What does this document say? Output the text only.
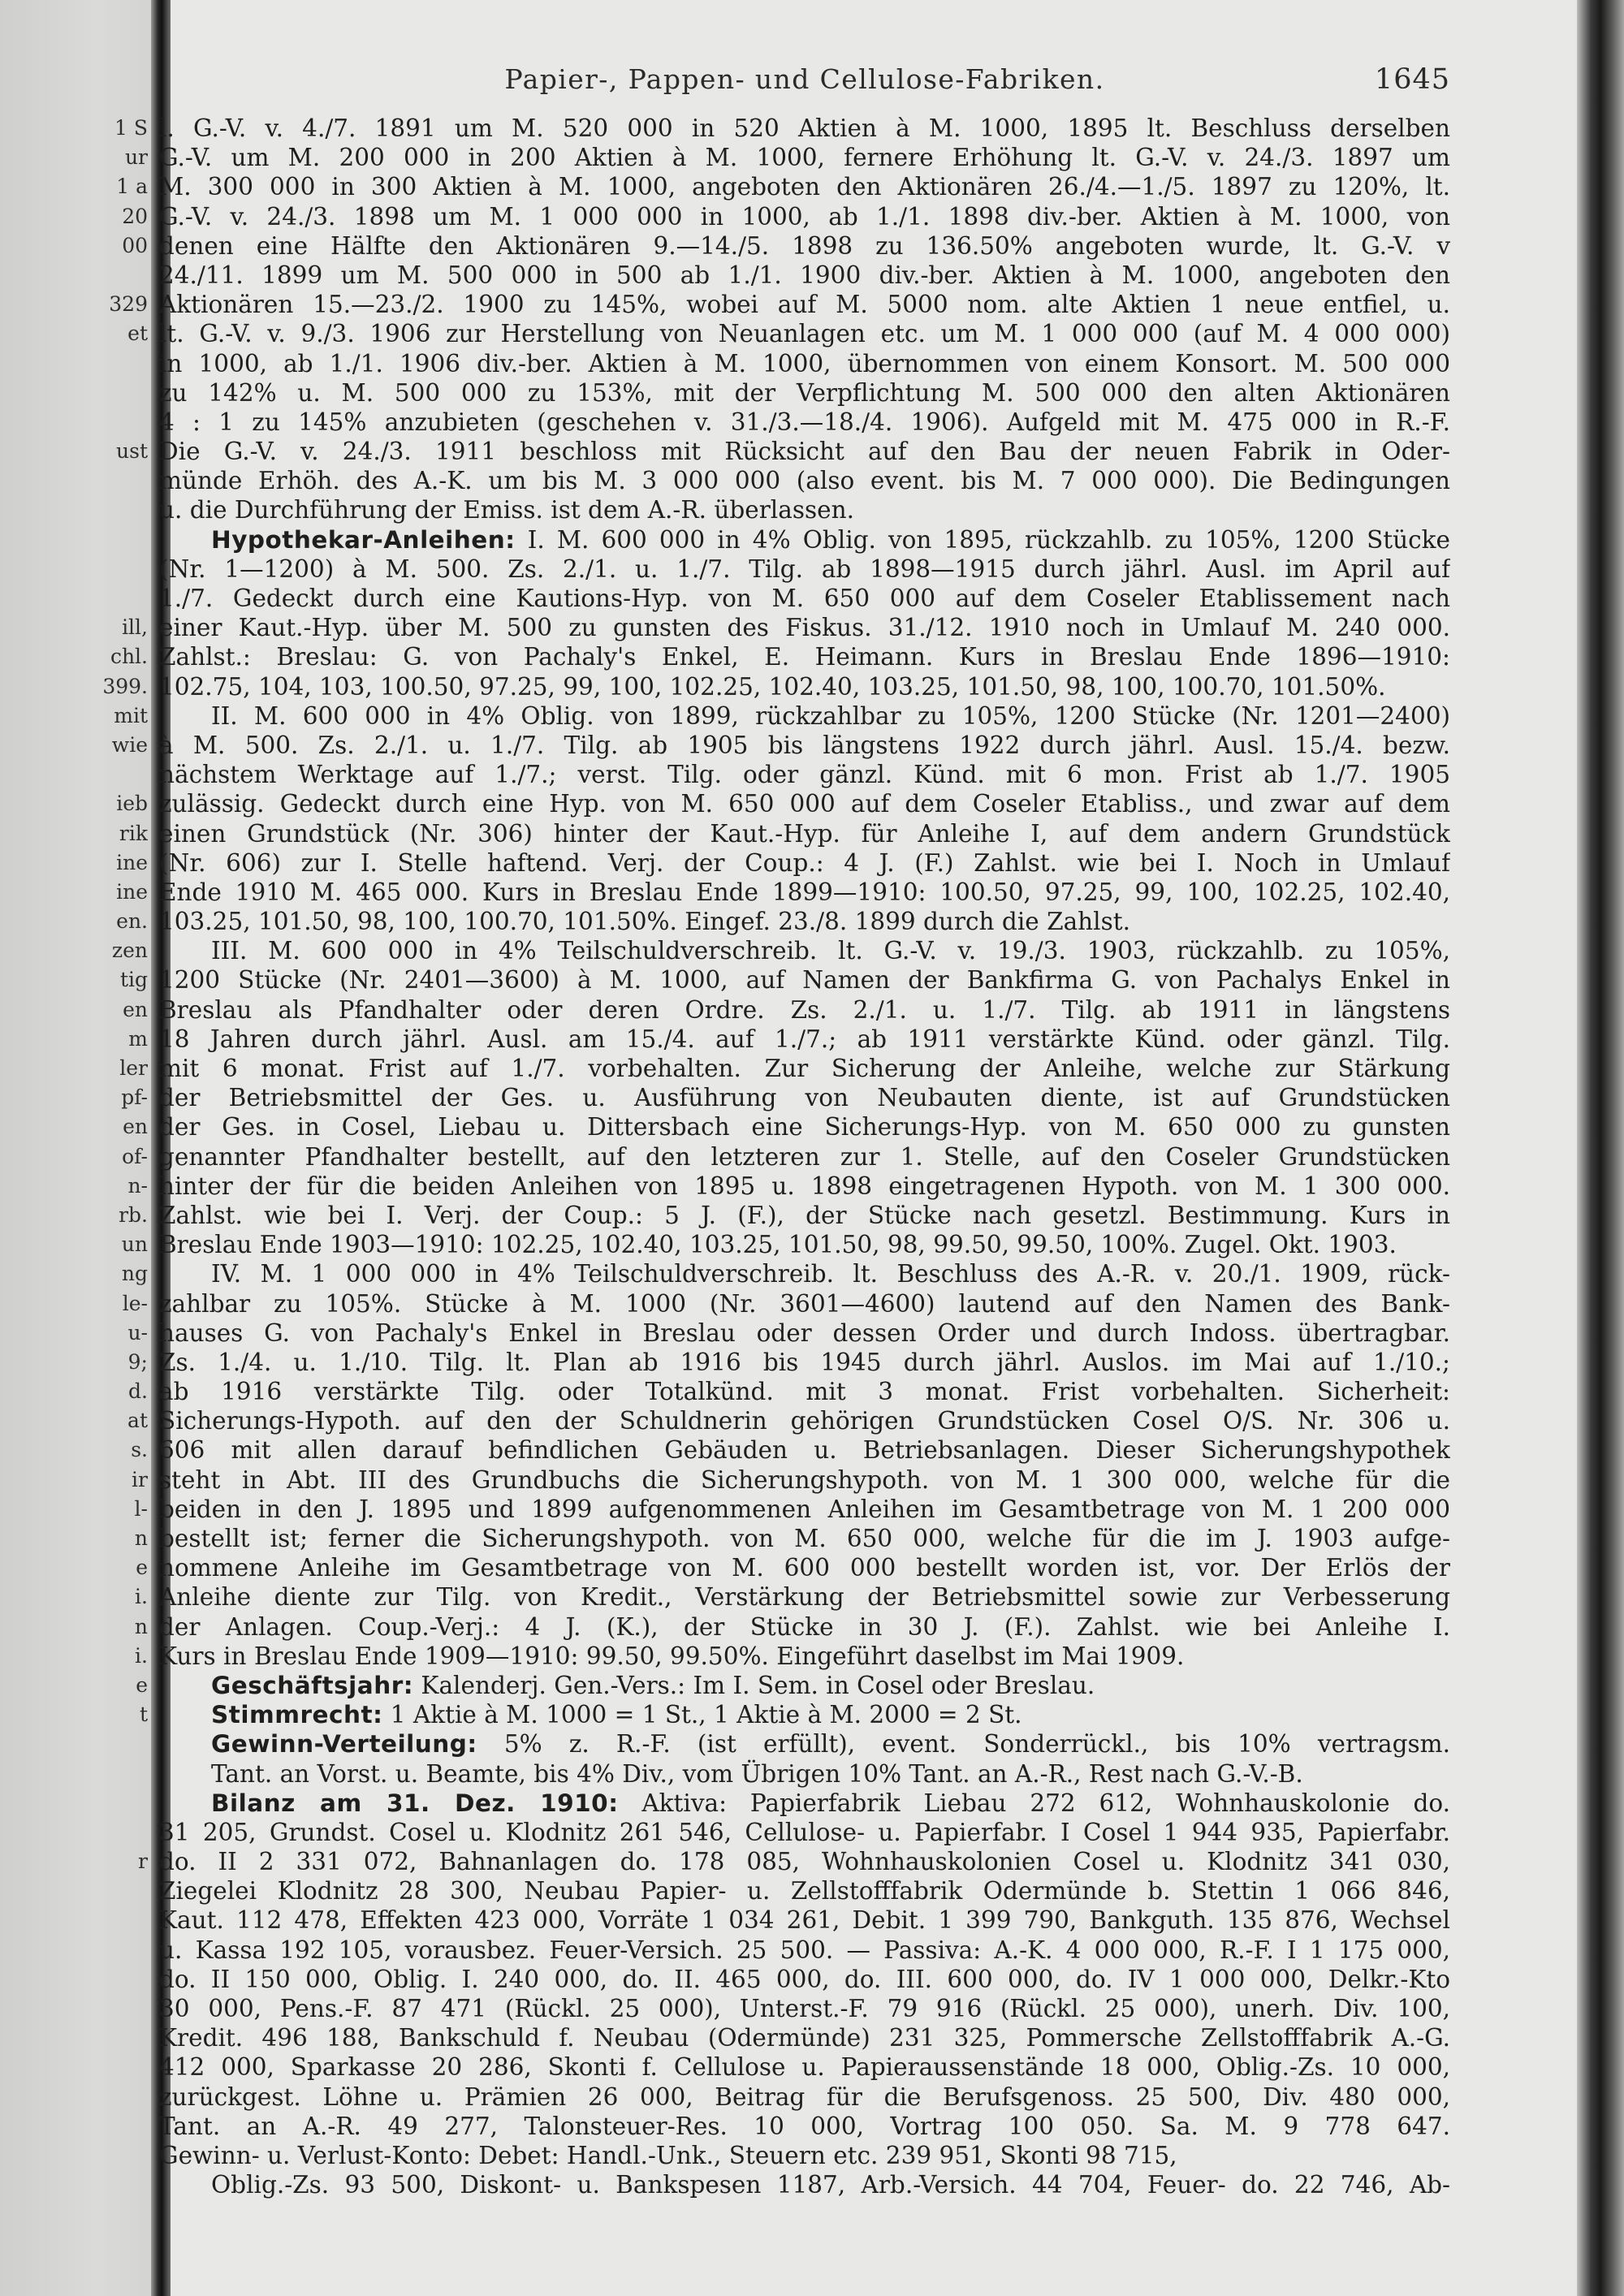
1 S
ur
1 a
20
00
329
et
ust
ill,
chl.
399.
mit
wie
ieb
rik
ine
ine
en.
zen
tig
en
m
ler
pf-
en
of-
n-
rb.
un
ng
le-
u-
9;
d.
at
s.
ir
l-
n
e
i.
n
i.
e
t
r
Papier-, Pappen- und Cellulose-Fabriken.	1645
l. G.-V. v. 4./7. 1891 um M. 520 000 in 520 Aktien à M. 1000, 1895 lt. Beschluss derselben
G.-V. um M. 200 000 in 200 Aktien à M. 1000, fernere Erhöhung lt. G.-V. v. 24./3. 1897 um
M. 300 000 in 300 Aktien à M. 1000, angeboten den Aktionären 26./4.—1./5. 1897 zu 120%, lt.
G.-V. v. 24./3. 1898 um M. 1 000 000 in 1000, ab 1./1. 1898 div.-ber. Aktien à M. 1000, von
denen eine Hälfte den Aktionären 9.—14./5. 1898 zu 136.50% angeboten wurde, lt. G.-V. v
24./11. 1899 um M. 500 000 in 500 ab 1./1. 1900 div.-ber. Aktien à M. 1000, angeboten den
Aktionären 15.—23./2. 1900 zu 145%, wobei auf M. 5000 nom. alte Aktien 1 neue entfiel, u.
lt. G.-V. v. 9./3. 1906 zur Herstellung von Neuanlagen etc. um M. 1 000 000 (auf M. 4 000 000)
in 1000, ab 1./1. 1906 div.-ber. Aktien à M. 1000, übernommen von einem Konsort. M. 500 000
zu 142% u. M. 500 000 zu 153%, mit der Verpflichtung M. 500 000 den alten Aktionären
4 : 1 zu 145% anzubieten (geschehen v. 31./3.—18./4. 1906). Aufgeld mit M. 475 000 in R.-F.
Die G.-V. v. 24./3. 1911 beschloss mit Rücksicht auf den Bau der neuen Fabrik in Oder-
münde Erhöh. des A.-K. um bis M. 3 000 000 (also event. bis M. 7 000 000). Die Bedingungen
u. die Durchführung der Emiss. ist dem A.-R. überlassen.
Hypothekar-Anleihen: I. M. 600 000 in 4% Oblig. von 1895, rückzahlb. zu 105%, 1200 Stücke
(Nr. 1—1200) à M. 500. Zs. 2./1. u. 1./7. Tilg. ab 1898—1915 durch jährl. Ausl. im April auf
1./7. Gedeckt durch eine Kautions-Hyp. von M. 650 000 auf dem Coseler Etablissement nach
einer Kaut.-Hyp. über M. 500 zu gunsten des Fiskus. 31./12. 1910 noch in Umlauf M. 240 000.
Zahlst.: Breslau: G. von Pachaly's Enkel, E. Heimann. Kurs in Breslau Ende 1896—1910:
102.75, 104, 103, 100.50, 97.25, 99, 100, 102.25, 102.40, 103.25, 101.50, 98, 100, 100.70, 101.50%.
II. M. 600 000 in 4% Oblig. von 1899, rückzahlbar zu 105%, 1200 Stücke (Nr. 1201—2400)
à M. 500. Zs. 2./1. u. 1./7. Tilg. ab 1905 bis längstens 1922 durch jährl. Ausl. 15./4. bezw.
nächstem Werktage auf 1./7.; verst. Tilg. oder gänzl. Künd. mit 6 mon. Frist ab 1./7. 1905
zulässig. Gedeckt durch eine Hyp. von M. 650 000 auf dem Coseler Etabliss., und zwar auf dem
einen Grundstück (Nr. 306) hinter der Kaut.-Hyp. für Anleihe I, auf dem andern Grundstück
(Nr. 606) zur I. Stelle haftend. Verj. der Coup.: 4 J. (F.) Zahlst. wie bei I. Noch in Umlauf
Ende 1910 M. 465 000. Kurs in Breslau Ende 1899—1910: 100.50, 97.25, 99, 100, 102.25, 102.40,
103.25, 101.50, 98, 100, 100.70, 101.50%. Eingef. 23./8. 1899 durch die Zahlst.
III. M. 600 000 in 4% Teilschuldverschreib. lt. G.-V. v. 19./3. 1903, rückzahlb. zu 105%,
1200 Stücke (Nr. 2401—3600) à M. 1000, auf Namen der Bankfirma G. von Pachalys Enkel in
Breslau als Pfandhalter oder deren Ordre. Zs. 2./1. u. 1./7. Tilg. ab 1911 in längstens
18 Jahren durch jährl. Ausl. am 15./4. auf 1./7.; ab 1911 verstärkte Künd. oder gänzl. Tilg.
mit 6 monat. Frist auf 1./7. vorbehalten. Zur Sicherung der Anleihe, welche zur Stärkung
der Betriebsmittel der Ges. u. Ausführung von Neubauten diente, ist auf Grundstücken
der Ges. in Cosel, Liebau u. Dittersbach eine Sicherungs-Hyp. von M. 650 000 zu gunsten
genannter Pfandhalter bestellt, auf den letzteren zur 1. Stelle, auf den Coseler Grundstücken
hinter der für die beiden Anleihen von 1895 u. 1898 eingetragenen Hypoth. von M. 1 300 000.
Zahlst. wie bei I. Verj. der Coup.: 5 J. (F.), der Stücke nach gesetzl. Bestimmung. Kurs in
Breslau Ende 1903—1910: 102.25, 102.40, 103.25, 101.50, 98, 99.50, 99.50, 100%. Zugel. Okt. 1903.
IV. M. 1 000 000 in 4% Teilschuldverschreib. lt. Beschluss des A.-R. v. 20./1. 1909, rück-
zahlbar zu 105%. Stücke à M. 1000 (Nr. 3601—4600) lautend auf den Namen des Bank-
hauses G. von Pachaly's Enkel in Breslau oder dessen Order und durch Indoss. übertragbar.
Zs. 1./4. u. 1./10. Tilg. lt. Plan ab 1916 bis 1945 durch jährl. Auslos. im Mai auf 1./10.;
ab 1916 verstärkte Tilg. oder Totalkünd. mit 3 monat. Frist vorbehalten. Sicherheit:
Sicherungs-Hypoth. auf den der Schuldnerin gehörigen Grundstücken Cosel O/S. Nr. 306 u.
606 mit allen darauf befindlichen Gebäuden u. Betriebsanlagen. Dieser Sicherungshypothek
steht in Abt. III des Grundbuchs die Sicherungshypoth. von M. 1 300 000, welche für die
beiden in den J. 1895 und 1899 aufgenommenen Anleihen im Gesamtbetrage von M. 1 200 000
bestellt ist; ferner die Sicherungshypoth. von M. 650 000, welche für die im J. 1903 aufge-
nommene Anleihe im Gesamtbetrage von M. 600 000 bestellt worden ist, vor. Der Erlös der
Anleihe diente zur Tilg. von Kredit., Verstärkung der Betriebsmittel sowie zur Verbesserung
der Anlagen. Coup.-Verj.: 4 J. (K.), der Stücke in 30 J. (F.). Zahlst. wie bei Anleihe I.
Kurs in Breslau Ende 1909—1910: 99.50, 99.50%. Eingeführt daselbst im Mai 1909.
Geschäftsjahr: Kalenderj. Gen.-Vers.: Im I. Sem. in Cosel oder Breslau.
Stimmrecht: 1 Aktie à M. 1000 = 1 St., 1 Aktie à M. 2000 = 2 St.
Gewinn-Verteilung: 5% z. R.-F. (ist erfüllt), event. Sonderrückl., bis 10% vertragsm.
Tant. an Vorst. u. Beamte, bis 4% Div., vom Übrigen 10% Tant. an A.-R., Rest nach G.-V.-B.
Bilanz am 31. Dez. 1910: Aktiva: Papierfabrik Liebau 272 612, Wohnhauskolonie do.
31 205, Grundst. Cosel u. Klodnitz 261 546, Cellulose- u. Papierfabr. I Cosel 1 944 935, Papierfabr.
do. II 2 331 072, Bahnanlagen do. 178 085, Wohnhauskolonien Cosel u. Klodnitz 341 030,
Ziegelei Klodnitz 28 300, Neubau Papier- u. Zellstofffabrik Odermünde b. Stettin 1 066 846,
Kaut. 112 478, Effekten 423 000, Vorräte 1 034 261, Debit. 1 399 790, Bankguth. 135 876, Wechsel
u. Kassa 192 105, vorausbez. Feuer-Versich. 25 500. — Passiva: A.-K. 4 000 000, R.-F. I 1 175 000,
do. II 150 000, Oblig. I. 240 000, do. II. 465 000, do. III. 600 000, do. IV 1 000 000, Delkr.-Kto
30 000, Pens.-F. 87 471 (Rückl. 25 000), Unterst.-F. 79 916 (Rückl. 25 000), unerh. Div. 100,
Kredit. 496 188, Bankschuld f. Neubau (Odermünde) 231 325, Pommersche Zellstofffabrik A.-G.
412 000, Sparkasse 20 286, Skonti f. Cellulose u. Papieraussenstände 18 000, Oblig.-Zs. 10 000,
zurückgest. Löhne u. Prämien 26 000, Beitrag für die Berufsgenoss. 25 500, Div. 480 000,
Tant. an A.-R. 49 277, Talonsteuer-Res. 10 000, Vortrag 100 050. Sa. M. 9 778 647.
Gewinn- u. Verlust-Konto: Debet: Handl.-Unk., Steuern etc. 239 951, Skonti 98 715,
Oblig.-Zs. 93 500, Diskont- u. Bankspesen 1187, Arb.-Versich. 44 704, Feuer- do. 22 746, Ab-
